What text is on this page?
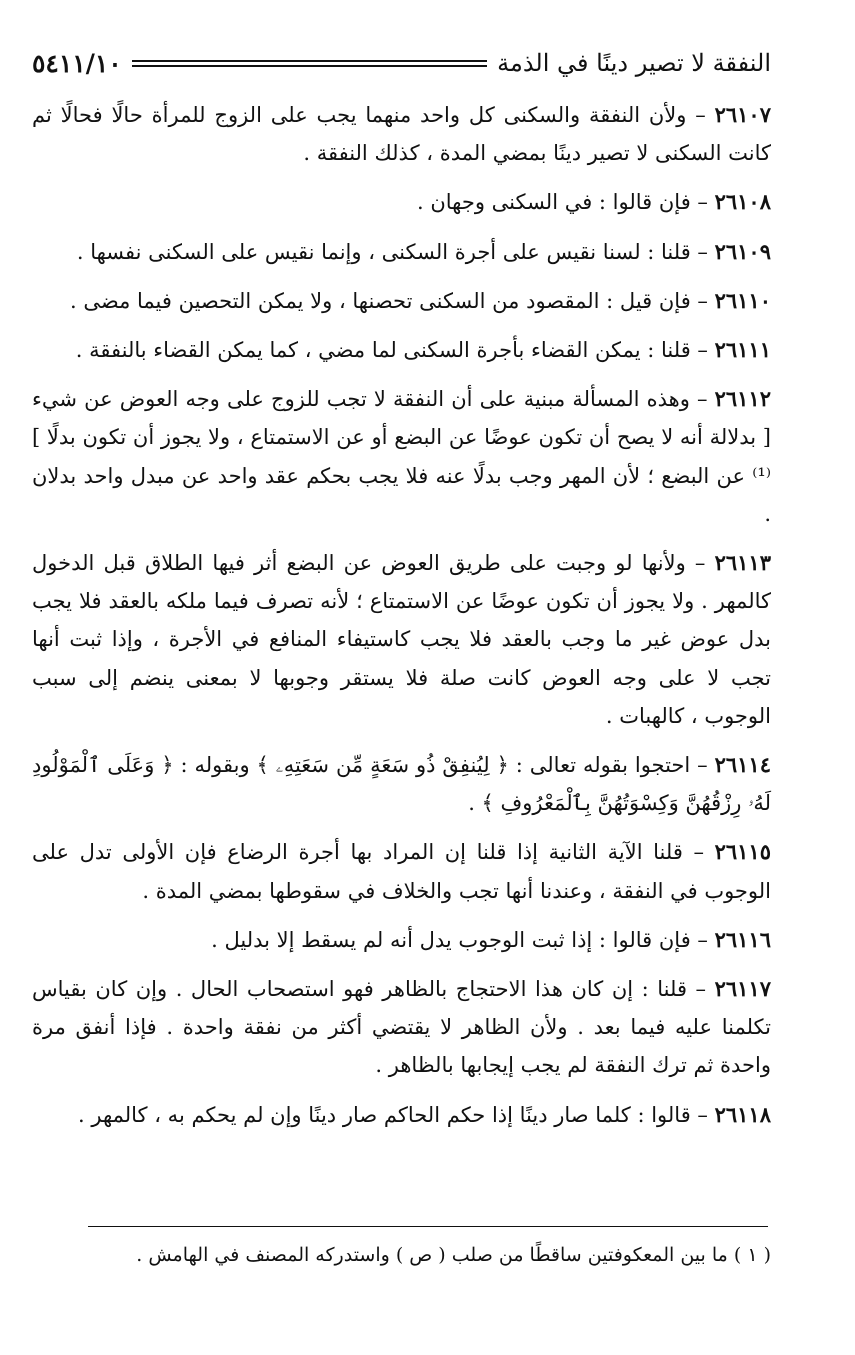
النفقة لا تصير دينًا في الذمة
٥٤١١/١٠

٢٦١٠٧ – ولأن النفقة والسكنى كل واحد منهما يجب على الزوج للمرأة حالًا فحالًا ثم كانت السكنى لا تصير دينًا بمضي المدة ، كذلك النفقة .

٢٦١٠٨ – فإن قالوا : في السكنى وجهان .

٢٦١٠٩ – قلنا : لسنا نقيس على أجرة السكنى ، وإنما نقيس على السكنى نفسها .

٢٦١١٠ – فإن قيل : المقصود من السكنى تحصنها ، ولا يمكن التحصين فيما مضى .

٢٦١١١ – قلنا : يمكن القضاء بأجرة السكنى لما مضي ، كما يمكن القضاء بالنفقة .

٢٦١١٢ – وهذه المسألة مبنية على أن النفقة لا تجب للزوج على وجه العوض عن شيء [ بدلالة أنه لا يصح أن تكون عوضًا عن البضع أو عن الاستمتاع ، ولا يجوز أن تكون بدلًا ] ⁽¹⁾ عن البضع ؛ لأن المهر وجب بدلًا عنه فلا يجب بحكم عقد واحد عن مبدل واحد بدلان .

٢٦١١٣ – ولأنها لو وجبت على طريق العوض عن البضع أثر فيها الطلاق قبل الدخول كالمهر . ولا يجوز أن تكون عوضًا عن الاستمتاع ؛ لأنه تصرف فيما ملكه بالعقد فلا يجب بدل عوض غير ما وجب بالعقد فلا يجب كاستيفاء المنافع في الأجرة ، وإذا ثبت أنها تجب لا على وجه العوض كانت صلة فلا يستقر وجوبها لا بمعنى ينضم إلى سبب الوجوب ، كالهبات .

٢٦١١٤ – احتجوا بقوله تعالى : ﴿ لِيُنفِقْ ذُو سَعَةٍ مِّن سَعَتِهِۦ ﴾ وبقوله : ﴿ وَعَلَى ٱلْمَوْلُودِ لَهُۥ رِزْقُهُنَّ وَكِسْوَتُهُنَّ بِٱلْمَعْرُوفِ ﴾ .

٢٦١١٥ – قلنا الآية الثانية إذا قلنا إن المراد بها أجرة الرضاع فإن الأولى تدل على الوجوب في النفقة ، وعندنا أنها تجب والخلاف في سقوطها بمضي المدة .

٢٦١١٦ – فإن قالوا : إذا ثبت الوجوب يدل أنه لم يسقط إلا بدليل .

٢٦١١٧ – قلنا : إن كان هذا الاحتجاج بالظاهر فهو استصحاب الحال . وإن كان بقياس تكلمنا عليه فيما بعد . ولأن الظاهر لا يقتضي أكثر من نفقة واحدة . فإذا أنفق مرة واحدة ثم ترك النفقة لم يجب إيجابها بالظاهر .

٢٦١١٨ – قالوا : كلما صار دينًا إذا حكم الحاكم صار دينًا وإن لم يحكم به ، كالمهر .

( ١ ) ما بين المعكوفتين ساقطًا من صلب ( ص ) واستدركه المصنف في الهامش .
